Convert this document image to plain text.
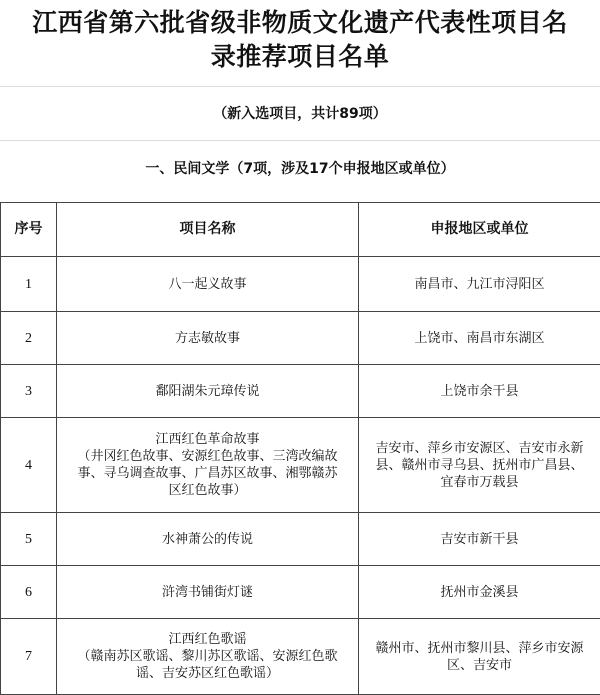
江西省第六批省级非物质文化遗产代表性项目名
录推荐项目名单
（新入选项目，共计89项）
一、民间文学（7项，涉及17个申报地区或单位）
序号	项目名称	申报地区或单位
1	八一起义故事	南昌市、九江市浔阳区

2	方志敏故事	上饶市、南昌市东湖区

3	鄱阳湖朱元璋传说	上饶市余干县

4	江西红色革命故事
（井冈红色故事、安源红色故事、三湾改编故
事、寻乌调查故事、广昌苏区故事、湘鄂赣苏
区红色故事）	吉安市、萍乡市安源区、吉安市永新
县、赣州市寻乌县、抚州市广昌县、
宜春市万载县

5	水神萧公的传说	吉安市新干县

6	浒湾书铺街灯谜	抚州市金溪县

7	江西红色歌谣
（赣南苏区歌谣、黎川苏区歌谣、安源红色歌
谣、吉安苏区红色歌谣）	赣州市、抚州市黎川县、萍乡市安源
区、吉安市
